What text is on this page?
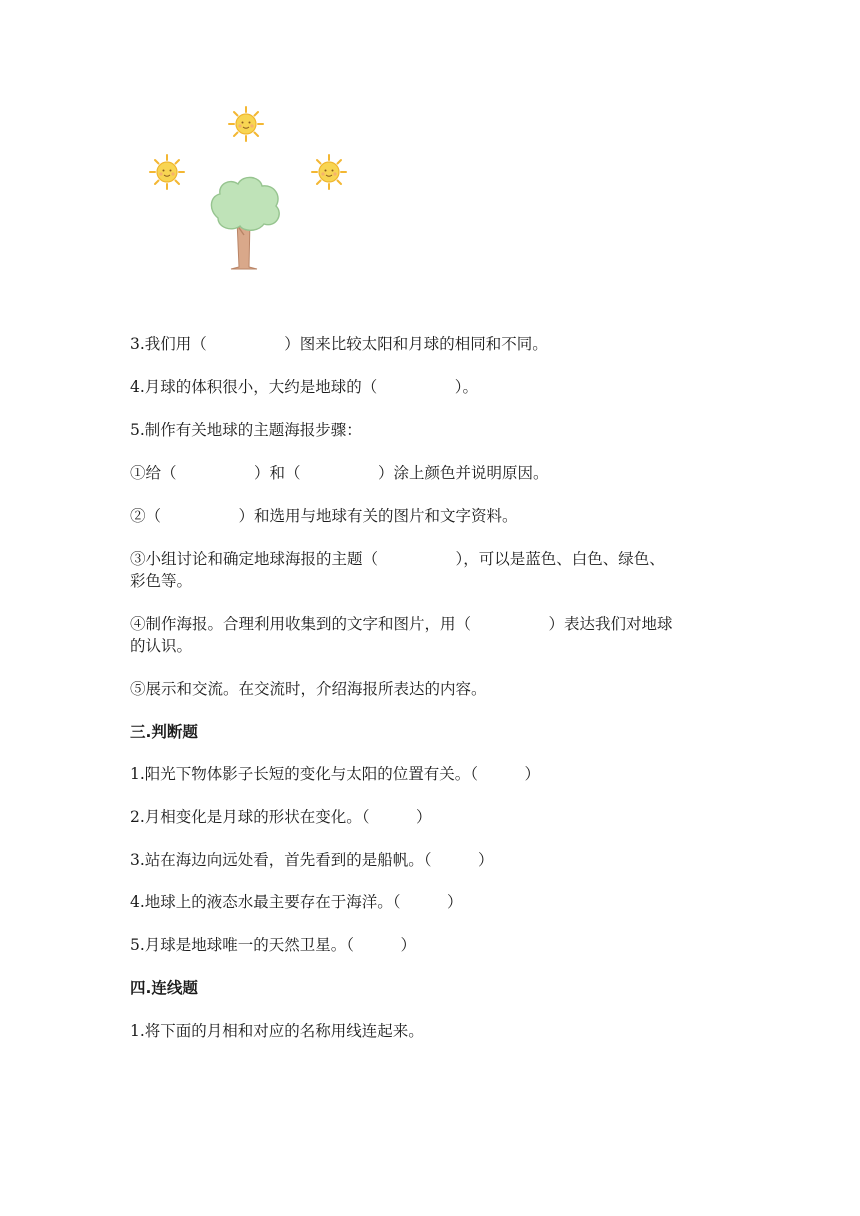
3.我们用（　　　　　）图来比较太阳和月球的相同和不同。
4.月球的体积很小，大约是地球的（　　　　　）。
5.制作有关地球的主题海报步骤：
①给（　　　　　）和（　　　　　）涂上颜色并说明原因。
②（　　　　　）和选用与地球有关的图片和文字资料。
③小组讨论和确定地球海报的主题（　　　　　），可以是蓝色、白色、绿色、
彩色等。
④制作海报。合理利用收集到的文字和图片，用（　　　　　）表达我们对地球
的认识。
⑤展示和交流。在交流时，介绍海报所表达的内容。
三.判断题
1.阳光下物体影子长短的变化与太阳的位置有关。（　　　）
2.月相变化是月球的形状在变化。（　　　）
3.站在海边向远处看，首先看到的是船帆。（　　　）
4.地球上的液态水最主要存在于海洋。（　　　）
5.月球是地球唯一的天然卫星。（　　　）
四.连线题
1.将下面的月相和对应的名称用线连起来。
